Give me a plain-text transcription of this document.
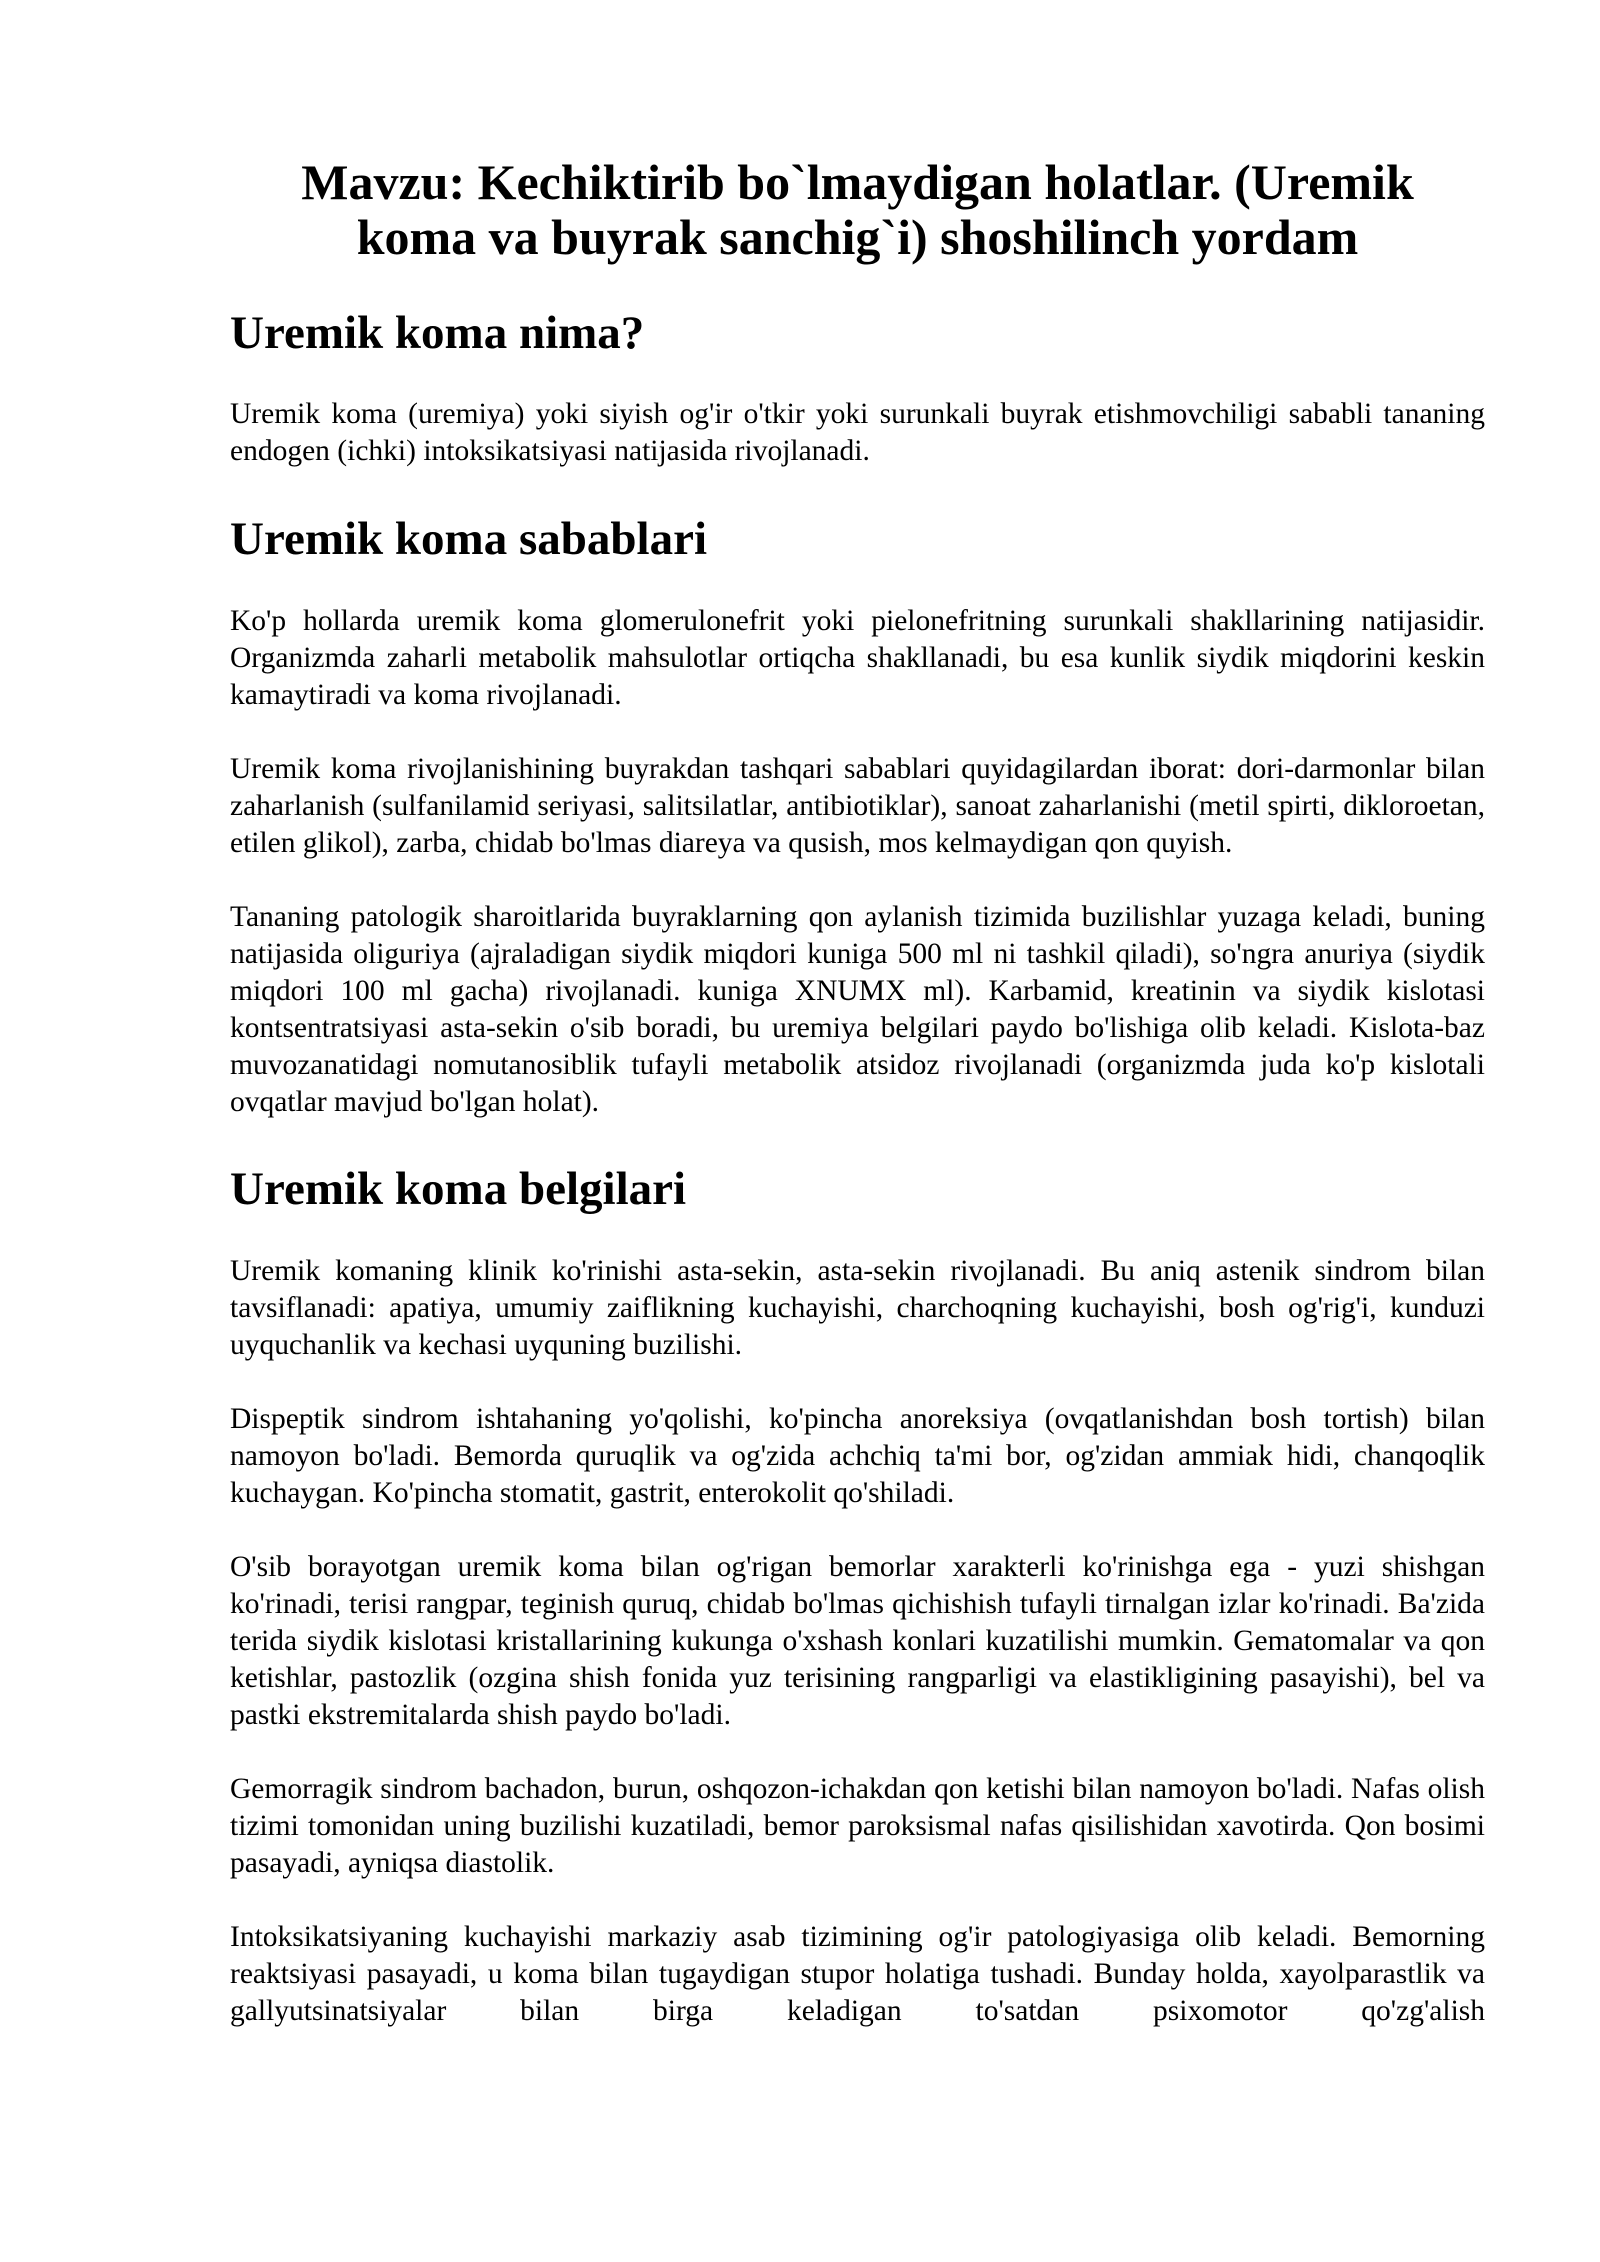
Mavzu: Kechiktirib bo`lmaydigan holatlar. (Uremik koma va buyrak sanchig`i) shoshilinch yordam
Uremik koma nima?

Uremik koma (uremiya) yoki siyish og'ir o'tkir yoki surunkali buyrak etishmovchiligi sababli tananing endogen (ichki) intoksikatsiyasi natijasida rivojlanadi.

Uremik koma sabablari

Ko'p hollarda uremik koma glomerulonefrit yoki pielonefritning surunkali shakllarining natijasidir. Organizmda zaharli metabolik mahsulotlar ortiqcha shakllanadi, bu esa kunlik siydik miqdorini keskin kamaytiradi va koma rivojlanadi.

Uremik koma rivojlanishining buyrakdan tashqari sabablari quyidagilardan iborat: dori-darmonlar bilan zaharlanish (sulfanilamid seriyasi, salitsilatlar, antibiotiklar), sanoat zaharlanishi (metil spirti, dikloroetan, etilen glikol), zarba, chidab bo'lmas diareya va qusish, mos kelmaydigan qon quyish.

Tananing patologik sharoitlarida buyraklarning qon aylanish tizimida buzilishlar yuzaga keladi, buning natijasida oliguriya (ajraladigan siydik miqdori kuniga 500 ml ni tashkil qiladi), so'ngra anuriya (siydik miqdori 100 ml gacha) rivojlanadi. kuniga XNUMX ml). Karbamid, kreatinin va siydik kislotasi kontsentratsiyasi asta-sekin o'sib boradi, bu uremiya belgilari paydo bo'lishiga olib keladi. Kislota-baz muvozanatidagi nomutanosiblik tufayli metabolik atsidoz rivojlanadi (organizmda juda ko'p kislotali ovqatlar mavjud bo'lgan holat).

Uremik koma belgilari

Uremik komaning klinik ko'rinishi asta-sekin, asta-sekin rivojlanadi. Bu aniq astenik sindrom bilan tavsiflanadi: apatiya, umumiy zaiflikning kuchayishi, charchoqning kuchayishi, bosh og'rig'i, kunduzi uyquchanlik va kechasi uyquning buzilishi.

Dispeptik sindrom ishtahaning yo'qolishi, ko'pincha anoreksiya (ovqatlanishdan bosh tortish) bilan namoyon bo'ladi. Bemorda quruqlik va og'zida achchiq ta'mi bor, og'zidan ammiak hidi, chanqoqlik kuchaygan. Ko'pincha stomatit, gastrit, enterokolit qo'shiladi.

O'sib borayotgan uremik koma bilan og'rigan bemorlar xarakterli ko'rinishga ega - yuzi shishgan ko'rinadi, terisi rangpar, teginish quruq, chidab bo'lmas qichishish tufayli tirnalgan izlar ko'rinadi. Ba'zida terida siydik kislotasi kristallarining kukunga o'xshash konlari kuzatilishi mumkin. Gematomalar va qon ketishlar, pastozlik (ozgina shish fonida yuz terisining rangparligi va elastikligining pasayishi), bel va pastki ekstremitalarda shish paydo bo'ladi.

Gemorragik sindrom bachadon, burun, oshqozon-ichakdan qon ketishi bilan namoyon bo'ladi. Nafas olish tizimi tomonidan uning buzilishi kuzatiladi, bemor paroksismal nafas qisilishidan xavotirda. Qon bosimi pasayadi, ayniqsa diastolik.

Intoksikatsiyaning kuchayishi markaziy asab tizimining og'ir patologiyasiga olib keladi. Bemorning reaktsiyasi pasayadi, u koma bilan tugaydigan stupor holatiga tushadi. Bunday holda, xayolparastlik va gallyutsinatsiyalar bilan birga keladigan to'satdan psixomotor qo'zg'alish
